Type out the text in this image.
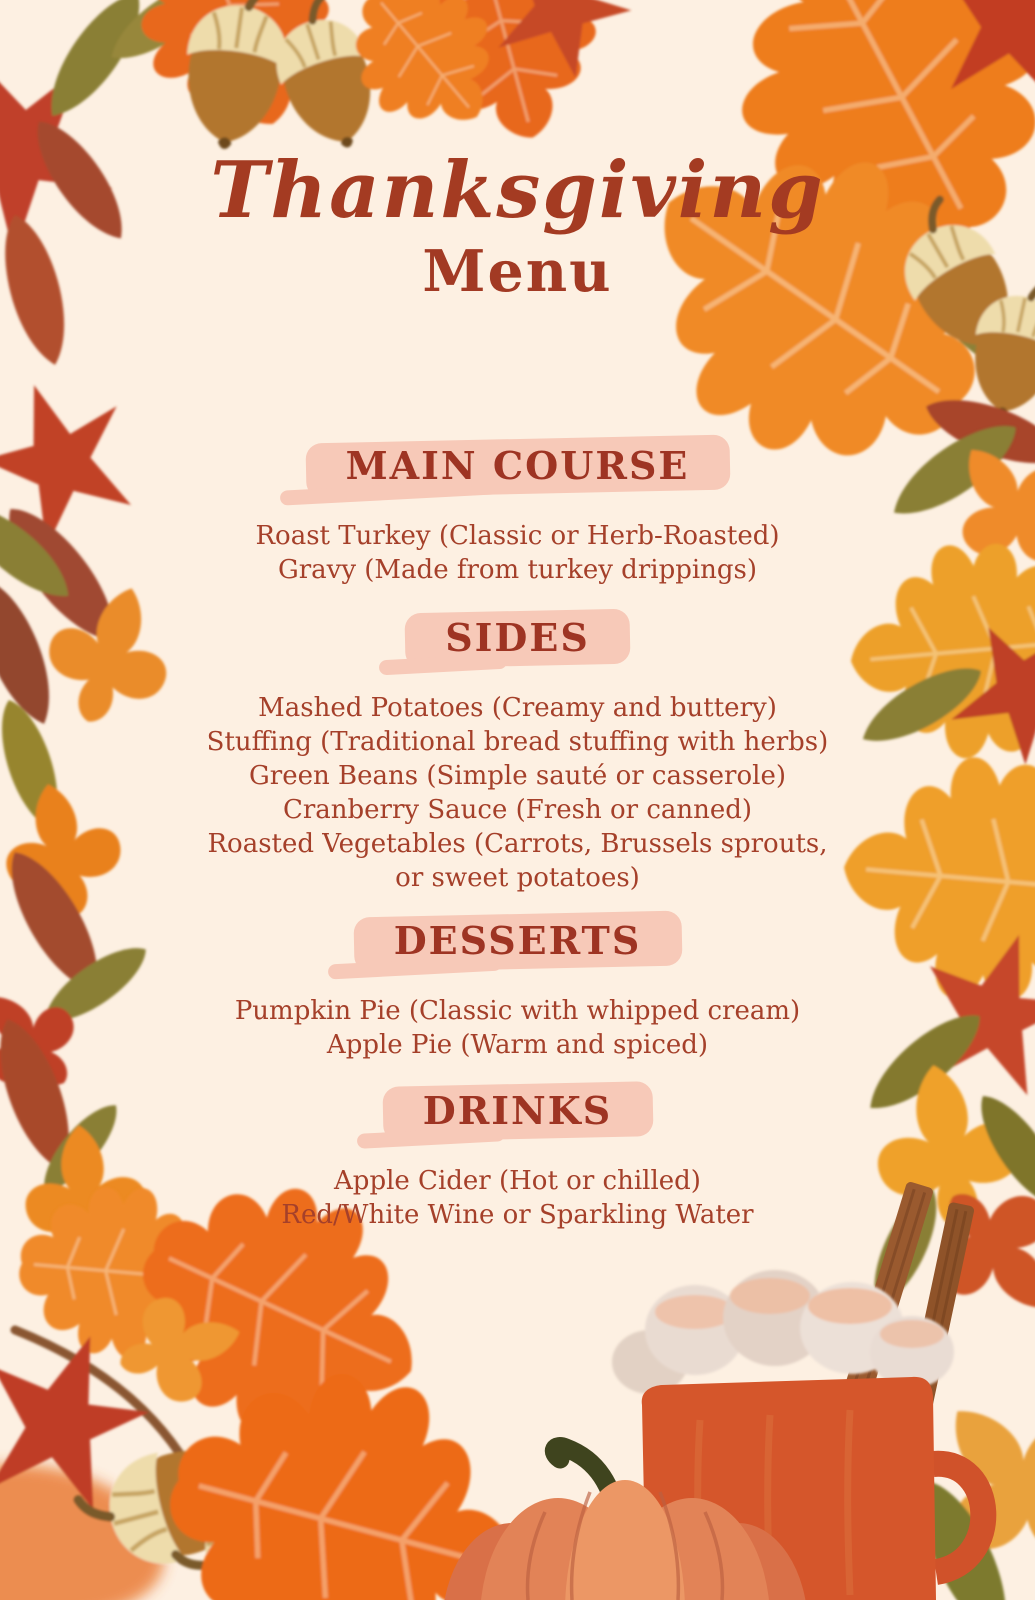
Thanksgiving
Menu
MAIN COURSE

Roast Turkey (Classic or Herb-Roasted)

Gravy (Made from turkey drippings)

SIDES

Mashed Potatoes (Creamy and buttery)

Stuffing (Traditional bread stuffing with herbs)

Green Beans (Simple sauté or casserole)

Cranberry Sauce (Fresh or canned)

Roasted Vegetables (Carrots, Brussels sprouts, or sweet potatoes)

DESSERTS

Pumpkin Pie (Classic with whipped cream)

Apple Pie (Warm and spiced)

DRINKS

Apple Cider (Hot or chilled)

Red/White Wine or Sparkling Water
